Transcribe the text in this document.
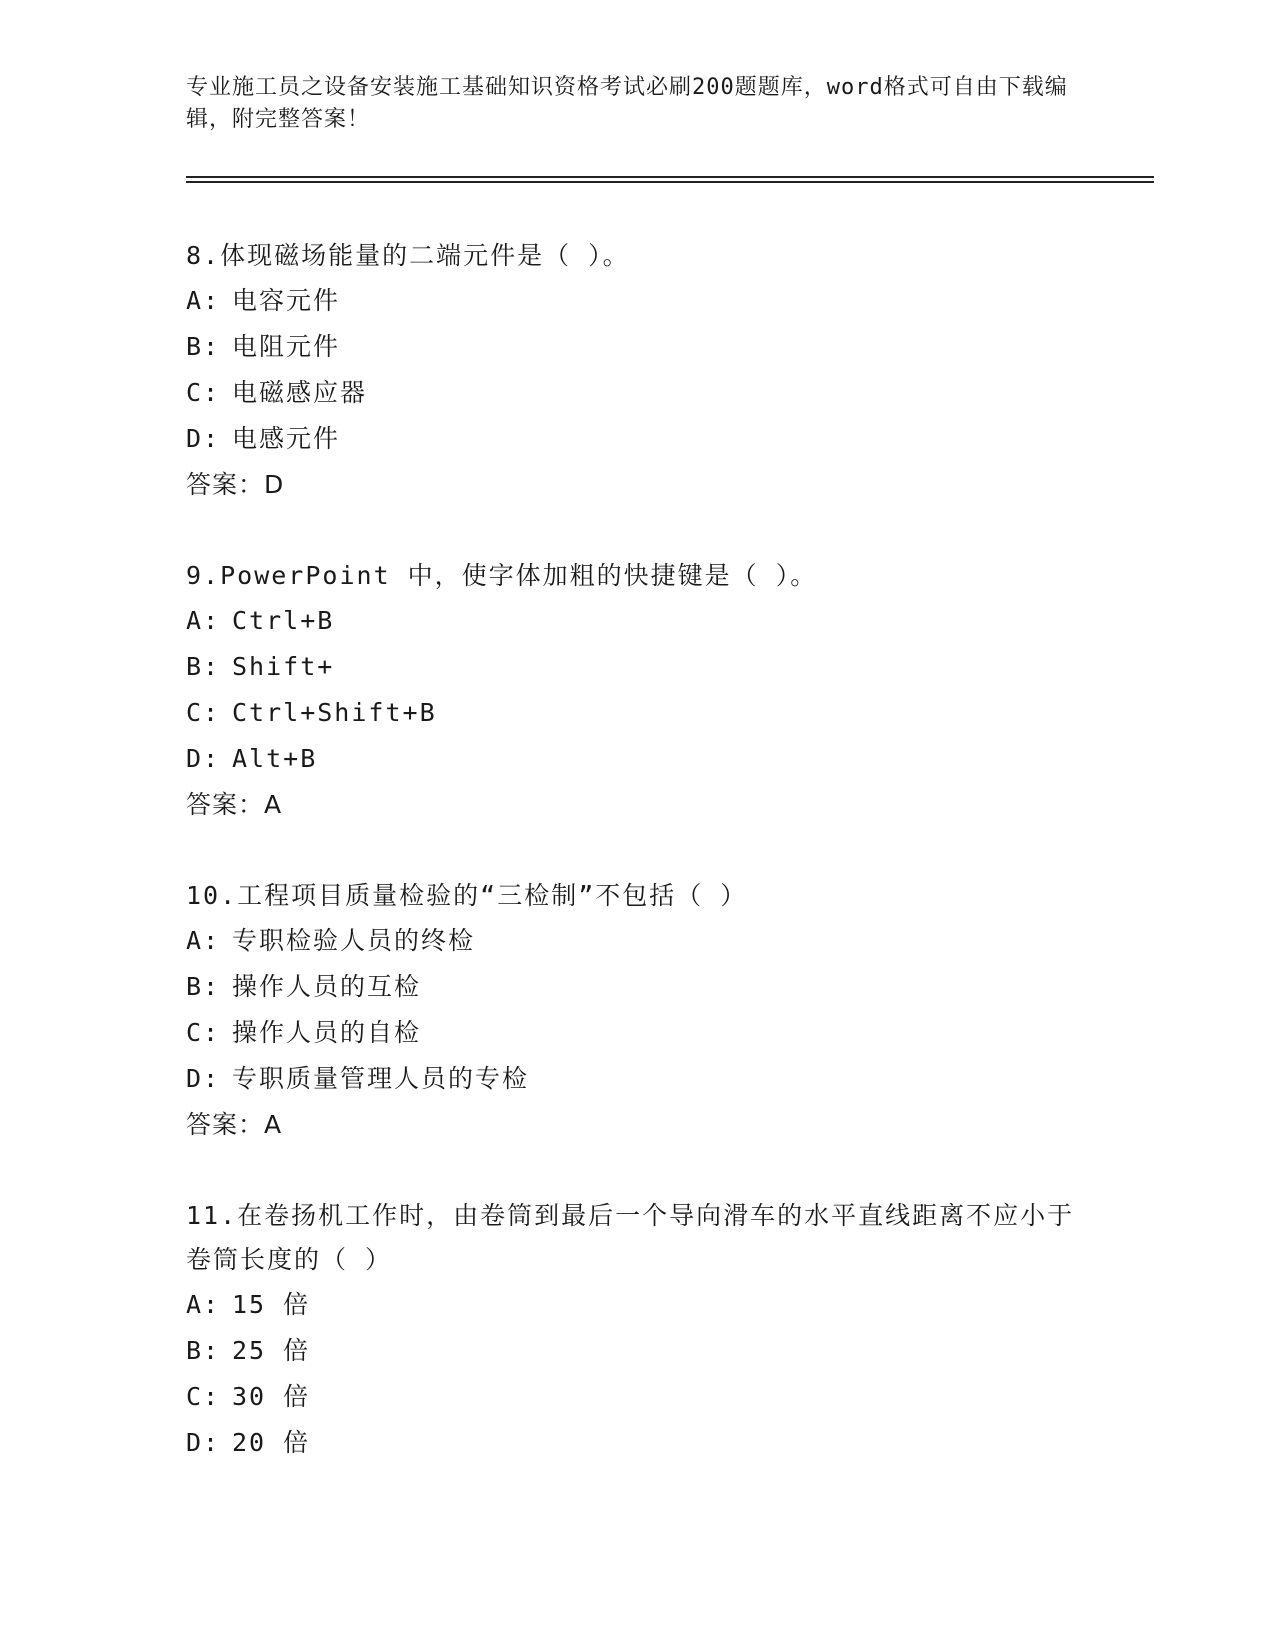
专业施工员之设备安装施工基础知识资格考试必刷200题题库，word格式可自由下载编辑，附完整答案！
8.体现磁场能量的二端元件是（ ）。
A: 电容元件
B: 电阻元件
C: 电磁感应器
D: 电感元件
答案：D
9.PowerPoint 中，使字体加粗的快捷键是（ ）。
A: Ctrl+B
B: Shift+
C: Ctrl+Shift+B
D: Alt+B
答案：A
10.工程项目质量检验的“三检制”不包括（ ）
A: 专职检验人员的终检
B: 操作人员的互检
C: 操作人员的自检
D: 专职质量管理人员的专检
答案：A
11.在卷扬机工作时，由卷筒到最后一个导向滑车的水平直线距离不应小于卷筒长度的（ ）
A: 15 倍
B: 25 倍
C: 30 倍
D: 20 倍
